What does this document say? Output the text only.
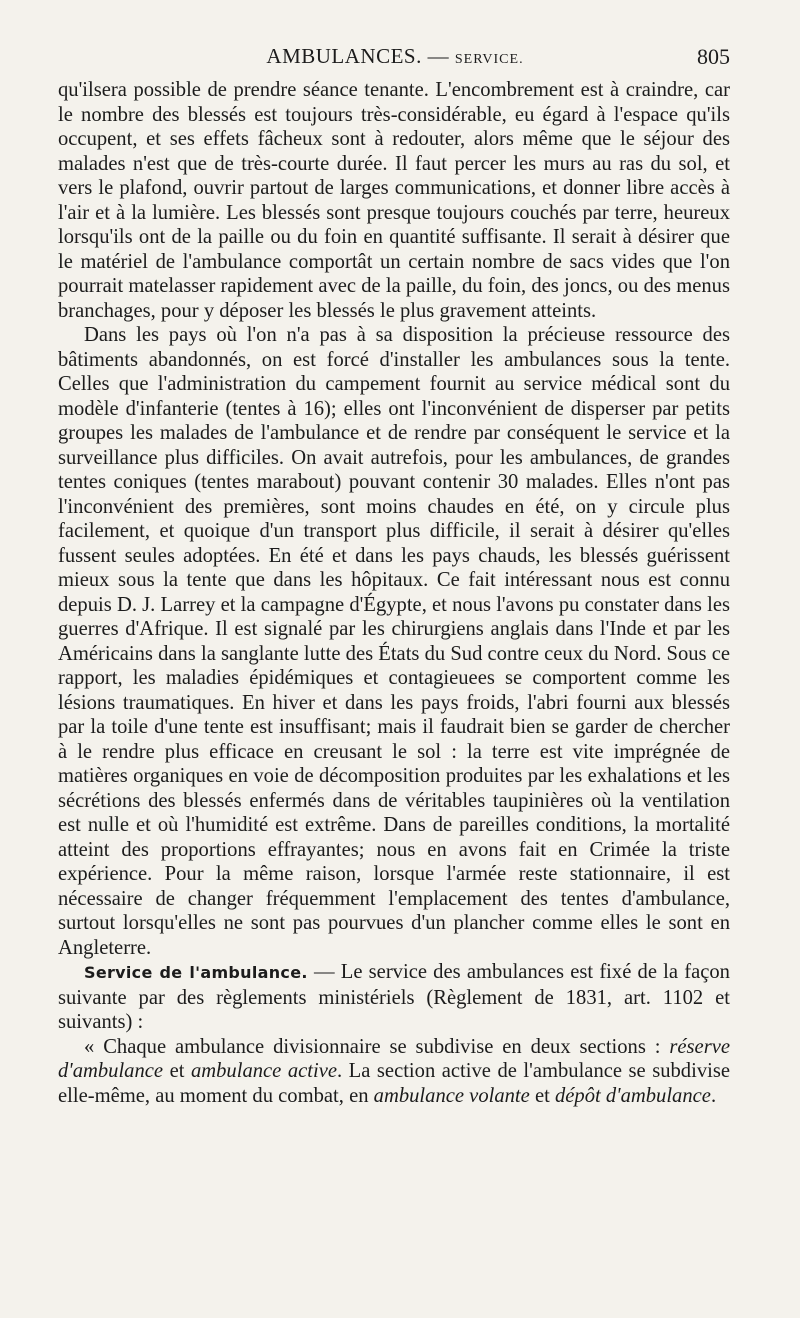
AMBULANCES. — SERVICE.	805

qu'ilsera possible de prendre séance tenante. L'encombrement est à craindre, car le nombre des blessés est toujours très-considérable, eu égard à l'espace qu'ils occupent, et ses effets fâcheux sont à redouter, alors même que le séjour des malades n'est que de très-courte durée. Il faut percer les murs au ras du sol, et vers le plafond, ouvrir partout de larges communications, et donner libre accès à l'air et à la lumière. Les blessés sont presque toujours couchés par terre, heureux lorsqu'ils ont de la paille ou du foin en quantité suffisante. Il serait à désirer que le matériel de l'ambulance comportât un certain nombre de sacs vides que l'on pourrait matelasser rapidement avec de la paille, du foin, des joncs, ou des menus branchages, pour y déposer les blessés le plus gravement atteints.

Dans les pays où l'on n'a pas à sa disposition la précieuse ressource des bâtiments abandonnés, on est forcé d'installer les ambulances sous la tente. Celles que l'administration du campement fournit au service médical sont du modèle d'infanterie (tentes à 16); elles ont l'inconvénient de disperser par petits groupes les malades de l'ambulance et de rendre par conséquent le service et la surveillance plus difficiles. On avait autrefois, pour les ambulances, de grandes tentes coniques (tentes marabout) pouvant contenir 30 malades. Elles n'ont pas l'inconvénient des premières, sont moins chaudes en été, on y circule plus facilement, et quoique d'un transport plus difficile, il serait à désirer qu'elles fussent seules adoptées. En été et dans les pays chauds, les blessés guérissent mieux sous la tente que dans les hôpitaux. Ce fait intéressant nous est connu depuis D. J. Larrey et la campagne d'Égypte, et nous l'avons pu constater dans les guerres d'Afrique. Il est signalé par les chirurgiens anglais dans l'Inde et par les Américains dans la sanglante lutte des États du Sud contre ceux du Nord. Sous ce rapport, les maladies épidémiques et contagieuees se comportent comme les lésions traumatiques. En hiver et dans les pays froids, l'abri fourni aux blessés par la toile d'une tente est insuffisant; mais il faudrait bien se garder de chercher à le rendre plus efficace en creusant le sol : la terre est vite imprégnée de matières organiques en voie de décomposition produites par les exhalations et les sécrétions des blessés enfermés dans de véritables taupinières où la ventilation est nulle et où l'humidité est extrême. Dans de pareilles conditions, la mortalité atteint des proportions effrayantes; nous en avons fait en Crimée la triste expérience. Pour la même raison, lorsque l'armée reste stationnaire, il est nécessaire de changer fréquemment l'emplacement des tentes d'ambulance, surtout lorsqu'elles ne sont pas pourvues d'un plancher comme elles le sont en Angleterre.

Service de l'ambulance. — Le service des ambulances est fixé de la façon suivante par des règlements ministériels (Règlement de 1831, art. 1102 et suivants) :

« Chaque ambulance divisionnaire se subdivise en deux sections : réserve d'ambulance et ambulance active. La section active de l'ambulance se subdivise elle-même, au moment du combat, en ambulance volante et dépôt d'ambulance.
